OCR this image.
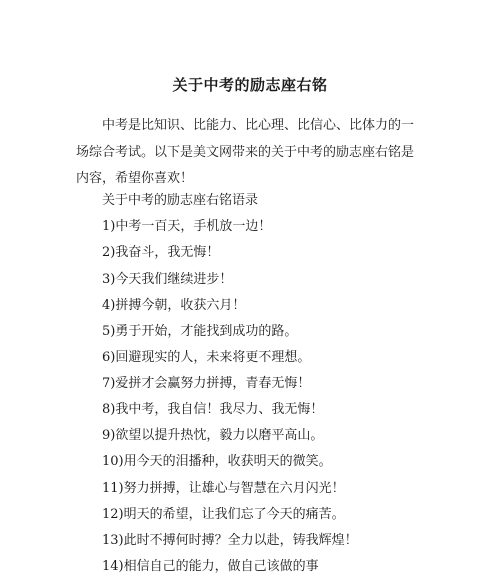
关于中考的励志座右铭

中考是比知识、比能力、比心理、比信心、比体力的一场综合考试。以下是美文网带来的关于中考的励志座右铭是内容，希望你喜欢！

关于中考的励志座右铭语录

1)中考一百天，手机放一边！

2)我奋斗，我无悔！

3)今天我们继续进步！

4)拼搏今朝，收获六月！

5)勇于开始，才能找到成功的路。

6)回避现实的人，未来将更不理想。

7)爱拼才会赢努力拼搏，青春无悔！

8)我中考，我自信！我尽力、我无悔！

9)欲望以提升热忱，毅力以磨平高山。

10)用今天的泪播种，收获明天的微笑。

11)努力拼搏，让雄心与智慧在六月闪光！

12)明天的希望，让我们忘了今天的痛苦。

13)此时不搏何时搏？全力以赴，铸我辉煌！

14)相信自己的能力，做自己该做的事
